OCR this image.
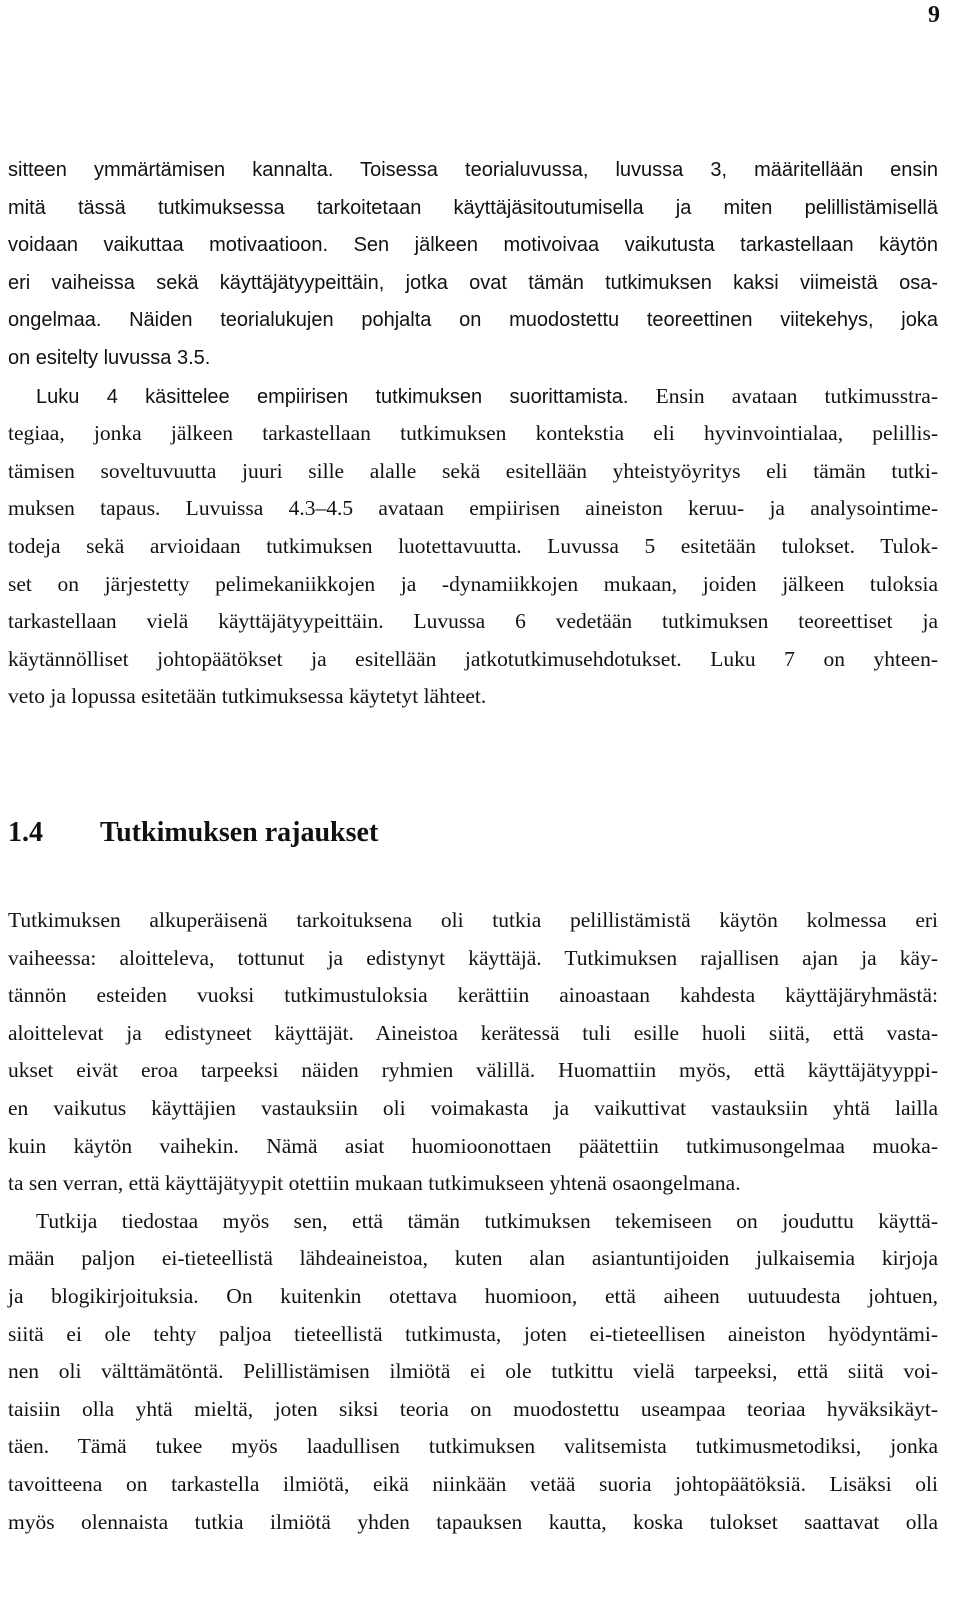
9
sitteen ymmärtämisen kannalta. Toisessa teorialuvussa, luvussa 3, määritellään ensin
mitä tässä tutkimuksessa tarkoitetaan käyttäjäsitoutumisella ja miten pelillistämisellä
voidaan vaikuttaa motivaatioon. Sen jälkeen motivoivaa vaikutusta tarkastellaan käytön
eri vaiheissa sekä käyttäjätyypeittäin, jotka ovat tämän tutkimuksen kaksi viimeistä osa-
ongelmaa. Näiden teorialukujen pohjalta on muodostettu teoreettinen viitekehys, joka
on esitelty luvussa 3.5.
Luku 4 käsittelee empiirisen tutkimuksen suorittamista. Ensin avataan tutkimusstra-
tegiaa, jonka jälkeen tarkastellaan tutkimuksen kontekstia eli hyvinvointialaa, pelillis-
tämisen soveltuvuutta juuri sille alalle sekä esitellään yhteistyöyritys eli tämän tutki-
muksen tapaus. Luvuissa 4.3–4.5 avataan empiirisen aineiston keruu- ja analysointime-
todeja sekä arvioidaan tutkimuksen luotettavuutta. Luvussa 5 esitetään tulokset. Tulok-
set on järjestetty pelimekaniikkojen ja -dynamiikkojen mukaan, joiden jälkeen tuloksia
tarkastellaan vielä käyttäjätyypeittäin. Luvussa 6 vedetään tutkimuksen teoreettiset ja
käytännölliset johtopäätökset ja esitellään jatkotutkimusehdotukset. Luku 7 on yhteen-
veto ja lopussa esitetään tutkimuksessa käytetyt lähteet.
1.4 Tutkimuksen rajaukset
Tutkimuksen alkuperäisenä tarkoituksena oli tutkia pelillistämistä käytön kolmessa eri
vaiheessa: aloitteleva, tottunut ja edistynyt käyttäjä. Tutkimuksen rajallisen ajan ja käy-
tännön esteiden vuoksi tutkimustuloksia kerättiin ainoastaan kahdesta käyttäjäryhmästä:
aloittelevat ja edistyneet käyttäjät. Aineistoa kerätessä tuli esille huoli siitä, että vasta-
ukset eivät eroa tarpeeksi näiden ryhmien välillä. Huomattiin myös, että käyttäjätyyppi-
en vaikutus käyttäjien vastauksiin oli voimakasta ja vaikuttivat vastauksiin yhtä lailla
kuin käytön vaihekin. Nämä asiat huomioonottaen päätettiin tutkimusongelmaa muoka-
ta sen verran, että käyttäjätyypit otettiin mukaan tutkimukseen yhtenä osaongelmana.
Tutkija tiedostaa myös sen, että tämän tutkimuksen tekemiseen on jouduttu käyttä-
mään paljon ei-tieteellistä lähdeaineistoa, kuten alan asiantuntijoiden julkaisemia kirjoja
ja blogikirjoituksia. On kuitenkin otettava huomioon, että aiheen uutuudesta johtuen,
siitä ei ole tehty paljoa tieteellistä tutkimusta, joten ei-tieteellisen aineiston hyödyntämi-
nen oli välttämätöntä. Pelillistämisen ilmiötä ei ole tutkittu vielä tarpeeksi, että siitä voi-
taisiin olla yhtä mieltä, joten siksi teoria on muodostettu useampaa teoriaa hyväksikäyt-
täen. Tämä tukee myös laadullisen tutkimuksen valitsemista tutkimusmetodiksi, jonka
tavoitteena on tarkastella ilmiötä, eikä niinkään vetää suoria johtopäätöksiä. Lisäksi oli
myös olennaista tutkia ilmiötä yhden tapauksen kautta, koska tulokset saattavat olla
